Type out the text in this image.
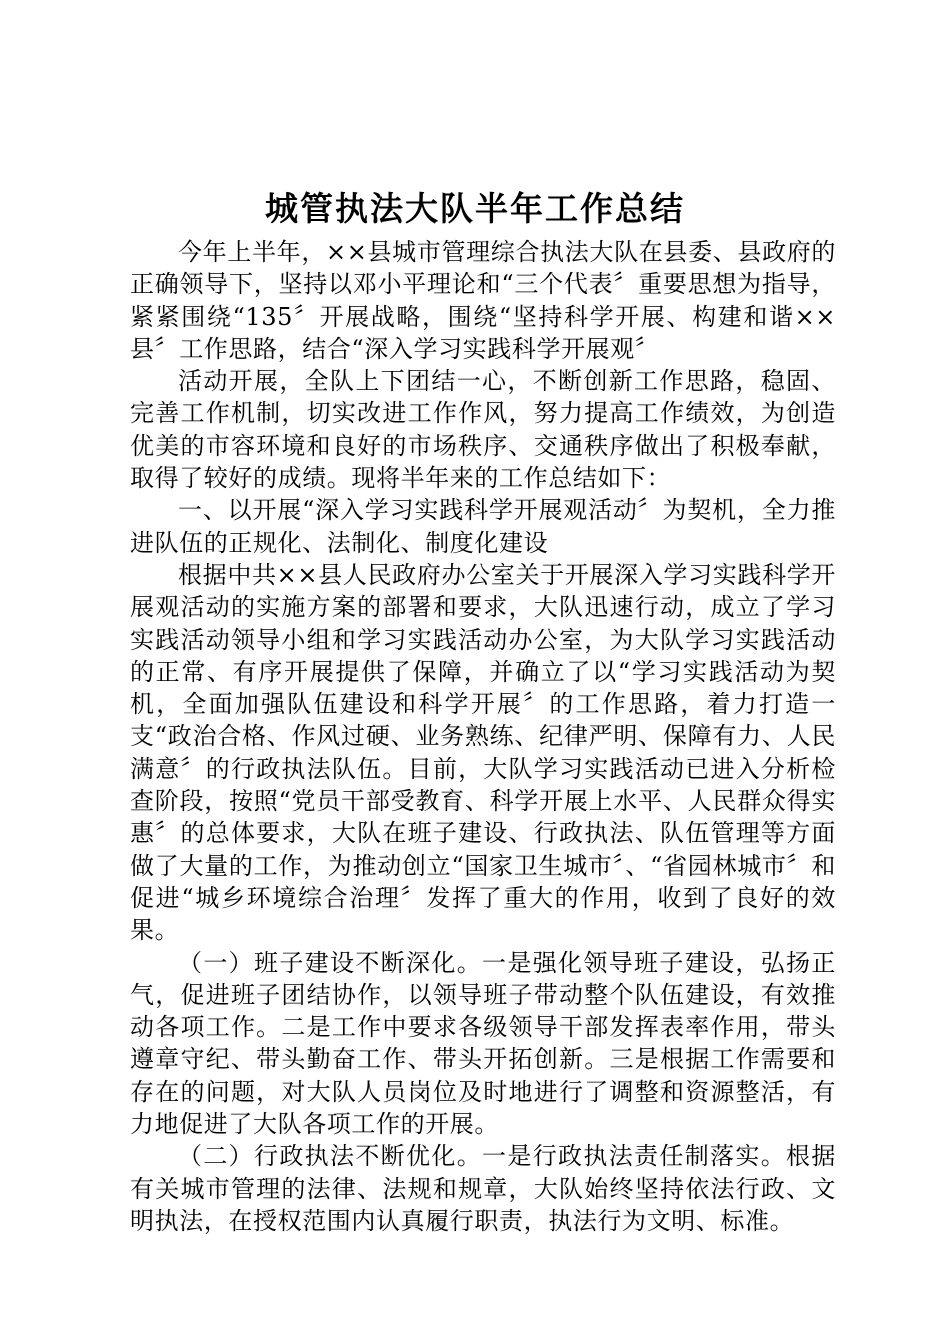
城管执法大队半年工作总结

今年上半年，××县城市管理综合执法大队在县委、县政府的正确领导下，坚持以邓小平理论和“三个代表〞重要思想为指导，紧紧围绕“135〞开展战略，围绕“坚持科学开展、构建和谐××县〞工作思路，结合“深入学习实践科学开展观〞

活动开展，全队上下团结一心，不断创新工作思路，稳固、完善工作机制，切实改进工作作风，努力提高工作绩效，为创造优美的市容环境和良好的市场秩序、交通秩序做出了积极奉献，取得了较好的成绩。现将半年来的工作总结如下：

一、以开展“深入学习实践科学开展观活动〞为契机，全力推进队伍的正规化、法制化、制度化建设

根据中共××县人民政府办公室关于开展深入学习实践科学开展观活动的实施方案的部署和要求，大队迅速行动，成立了学习实践活动领导小组和学习实践活动办公室，为大队学习实践活动的正常、有序开展提供了保障，并确立了以“学习实践活动为契机，全面加强队伍建设和科学开展〞的工作思路，着力打造一支“政治合格、作风过硬、业务熟练、纪律严明、保障有力、人民满意〞的行政执法队伍。目前，大队学习实践活动已进入分析检查阶段，按照“党员干部受教育、科学开展上水平、人民群众得实惠〞的总体要求，大队在班子建设、行政执法、队伍管理等方面做了大量的工作，为推动创立“国家卫生城市〞、“省园林城市〞和促进“城乡环境综合治理〞发挥了重大的作用，收到了良好的效果。

（一）班子建设不断深化。一是强化领导班子建设，弘扬正气，促进班子团结协作，以领导班子带动整个队伍建设，有效推动各项工作。二是工作中要求各级领导干部发挥表率作用，带头遵章守纪、带头勤奋工作、带头开拓创新。三是根据工作需要和存在的问题，对大队人员岗位及时地进行了调整和资源整活，有力地促进了大队各项工作的开展。

（二）行政执法不断优化。一是行政执法责任制落实。根据有关城市管理的法律、法规和规章，大队始终坚持依法行政、文明执法，在授权范围内认真履行职责，执法行为文明、标准。
